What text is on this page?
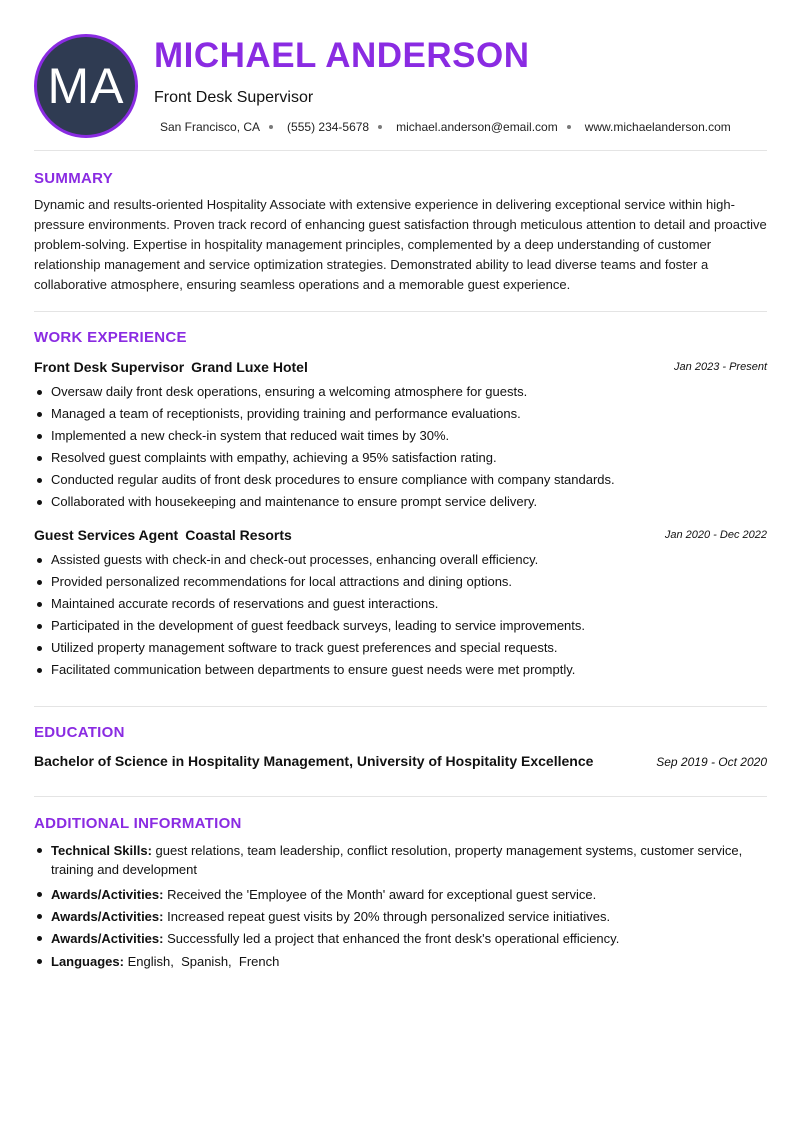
MA
MICHAEL ANDERSON
Front Desk Supervisor
San Francisco, CA (555) 234-5678 michael.anderson@email.com www.michaelanderson.com
SUMMARY
Dynamic and results-oriented Hospitality Associate with extensive experience in delivering exceptional service within high-pressure environments. Proven track record of enhancing guest satisfaction through meticulous attention to detail and proactive problem-solving. Expertise in hospitality management principles, complemented by a deep understanding of customer relationship management and service optimization strategies. Demonstrated ability to lead diverse teams and foster a collaborative atmosphere, ensuring seamless operations and a memorable guest experience.
WORK EXPERIENCE
Front Desk Supervisor Grand Luxe Hotel	Jan 2023 - Present
Oversaw daily front desk operations, ensuring a welcoming atmosphere for guests.
Managed a team of receptionists, providing training and performance evaluations.
Implemented a new check-in system that reduced wait times by 30%.
Resolved guest complaints with empathy, achieving a 95% satisfaction rating.
Conducted regular audits of front desk procedures to ensure compliance with company standards.
Collaborated with housekeeping and maintenance to ensure prompt service delivery.
Guest Services Agent Coastal Resorts	Jan 2020 - Dec 2022
Assisted guests with check-in and check-out processes, enhancing overall efficiency.
Provided personalized recommendations for local attractions and dining options.
Maintained accurate records of reservations and guest interactions.
Participated in the development of guest feedback surveys, leading to service improvements.
Utilized property management software to track guest preferences and special requests.
Facilitated communication between departments to ensure guest needs were met promptly.
EDUCATION
Bachelor of Science in Hospitality Management, University of Hospitality Excellence	Sep 2019 - Oct 2020
ADDITIONAL INFORMATION
Technical Skills: guest relations, team leadership, conflict resolution, property management systems, customer service, training and development
Awards/Activities: Received the 'Employee of the Month' award for exceptional guest service.
Awards/Activities: Increased repeat guest visits by 20% through personalized service initiatives.
Awards/Activities: Successfully led a project that enhanced the front desk's operational efficiency.
Languages: English,  Spanish,  French
